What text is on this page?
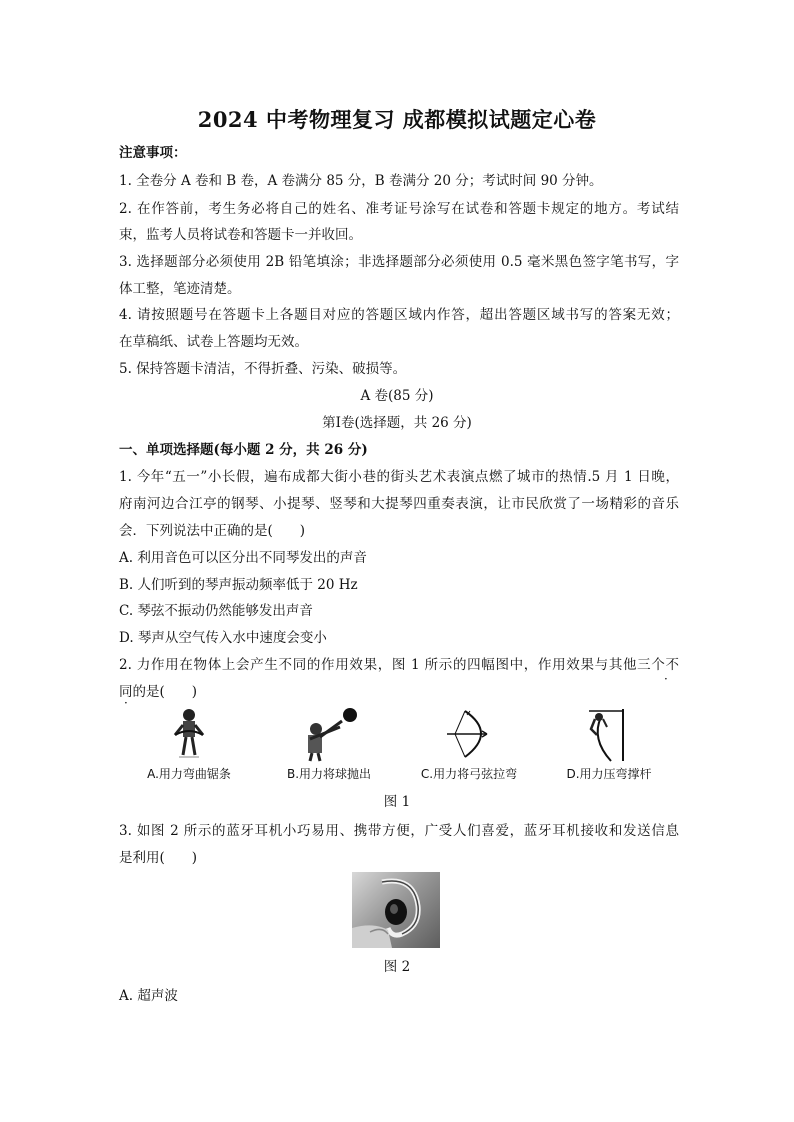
2024 中考物理复习 成都模拟试题定心卷
注意事项：
1. 全卷分 A 卷和 B 卷，A 卷满分 85 分，B 卷满分 20 分；考试时间 90 分钟。
2. 在作答前，考生务必将自己的姓名、准考证号涂写在试卷和答题卡规定的地方。考试结
束，监考人员将试卷和答题卡一并收回。
3. 选择题部分必须使用 2B 铅笔填涂；非选择题部分必须使用 0.5 毫米黑色签字笔书写，字
体工整，笔迹清楚。
4. 请按照题号在答题卡上各题目对应的答题区域内作答，超出答题区域书写的答案无效；
在草稿纸、试卷上答题均无效。
5. 保持答题卡清洁，不得折叠、污染、破损等。
A 卷(85 分)
第Ⅰ卷(选择题，共 26 分)
一、单项选择题(每小题 2 分，共 26 分)
1. 今年“五一”小长假，遍布成都大街小巷的街头艺术表演点燃了城市的热情.5 月 1 日晚，
府南河边合江亭的钢琴、小提琴、竖琴和大提琴四重奏表演，让市民欣赏了一场精彩的音乐
会．下列说法中正确的是(　　)
A. 利用音色可以区分出不同琴发出的声音
B. 人们听到的琴声振动频率低于 20 Hz
C. 琴弦不振动仍然能够发出声音
D. 琴声从空气传入水中速度会变小
2. 力作用在物体上会产生不同的作用效果，图 1 所示的四幅图中，作用效果与其他三个不
·
同的是(　　)
·
A.用力弯曲锯条	B.用力将球抛出	C.用力将弓弦拉弯	D.用力压弯撑杆
图 1
3. 如图 2 所示的蓝牙耳机小巧易用、携带方便，广受人们喜爱，蓝牙耳机接收和发送信息
是利用(　　)
图 2
A. 超声波
